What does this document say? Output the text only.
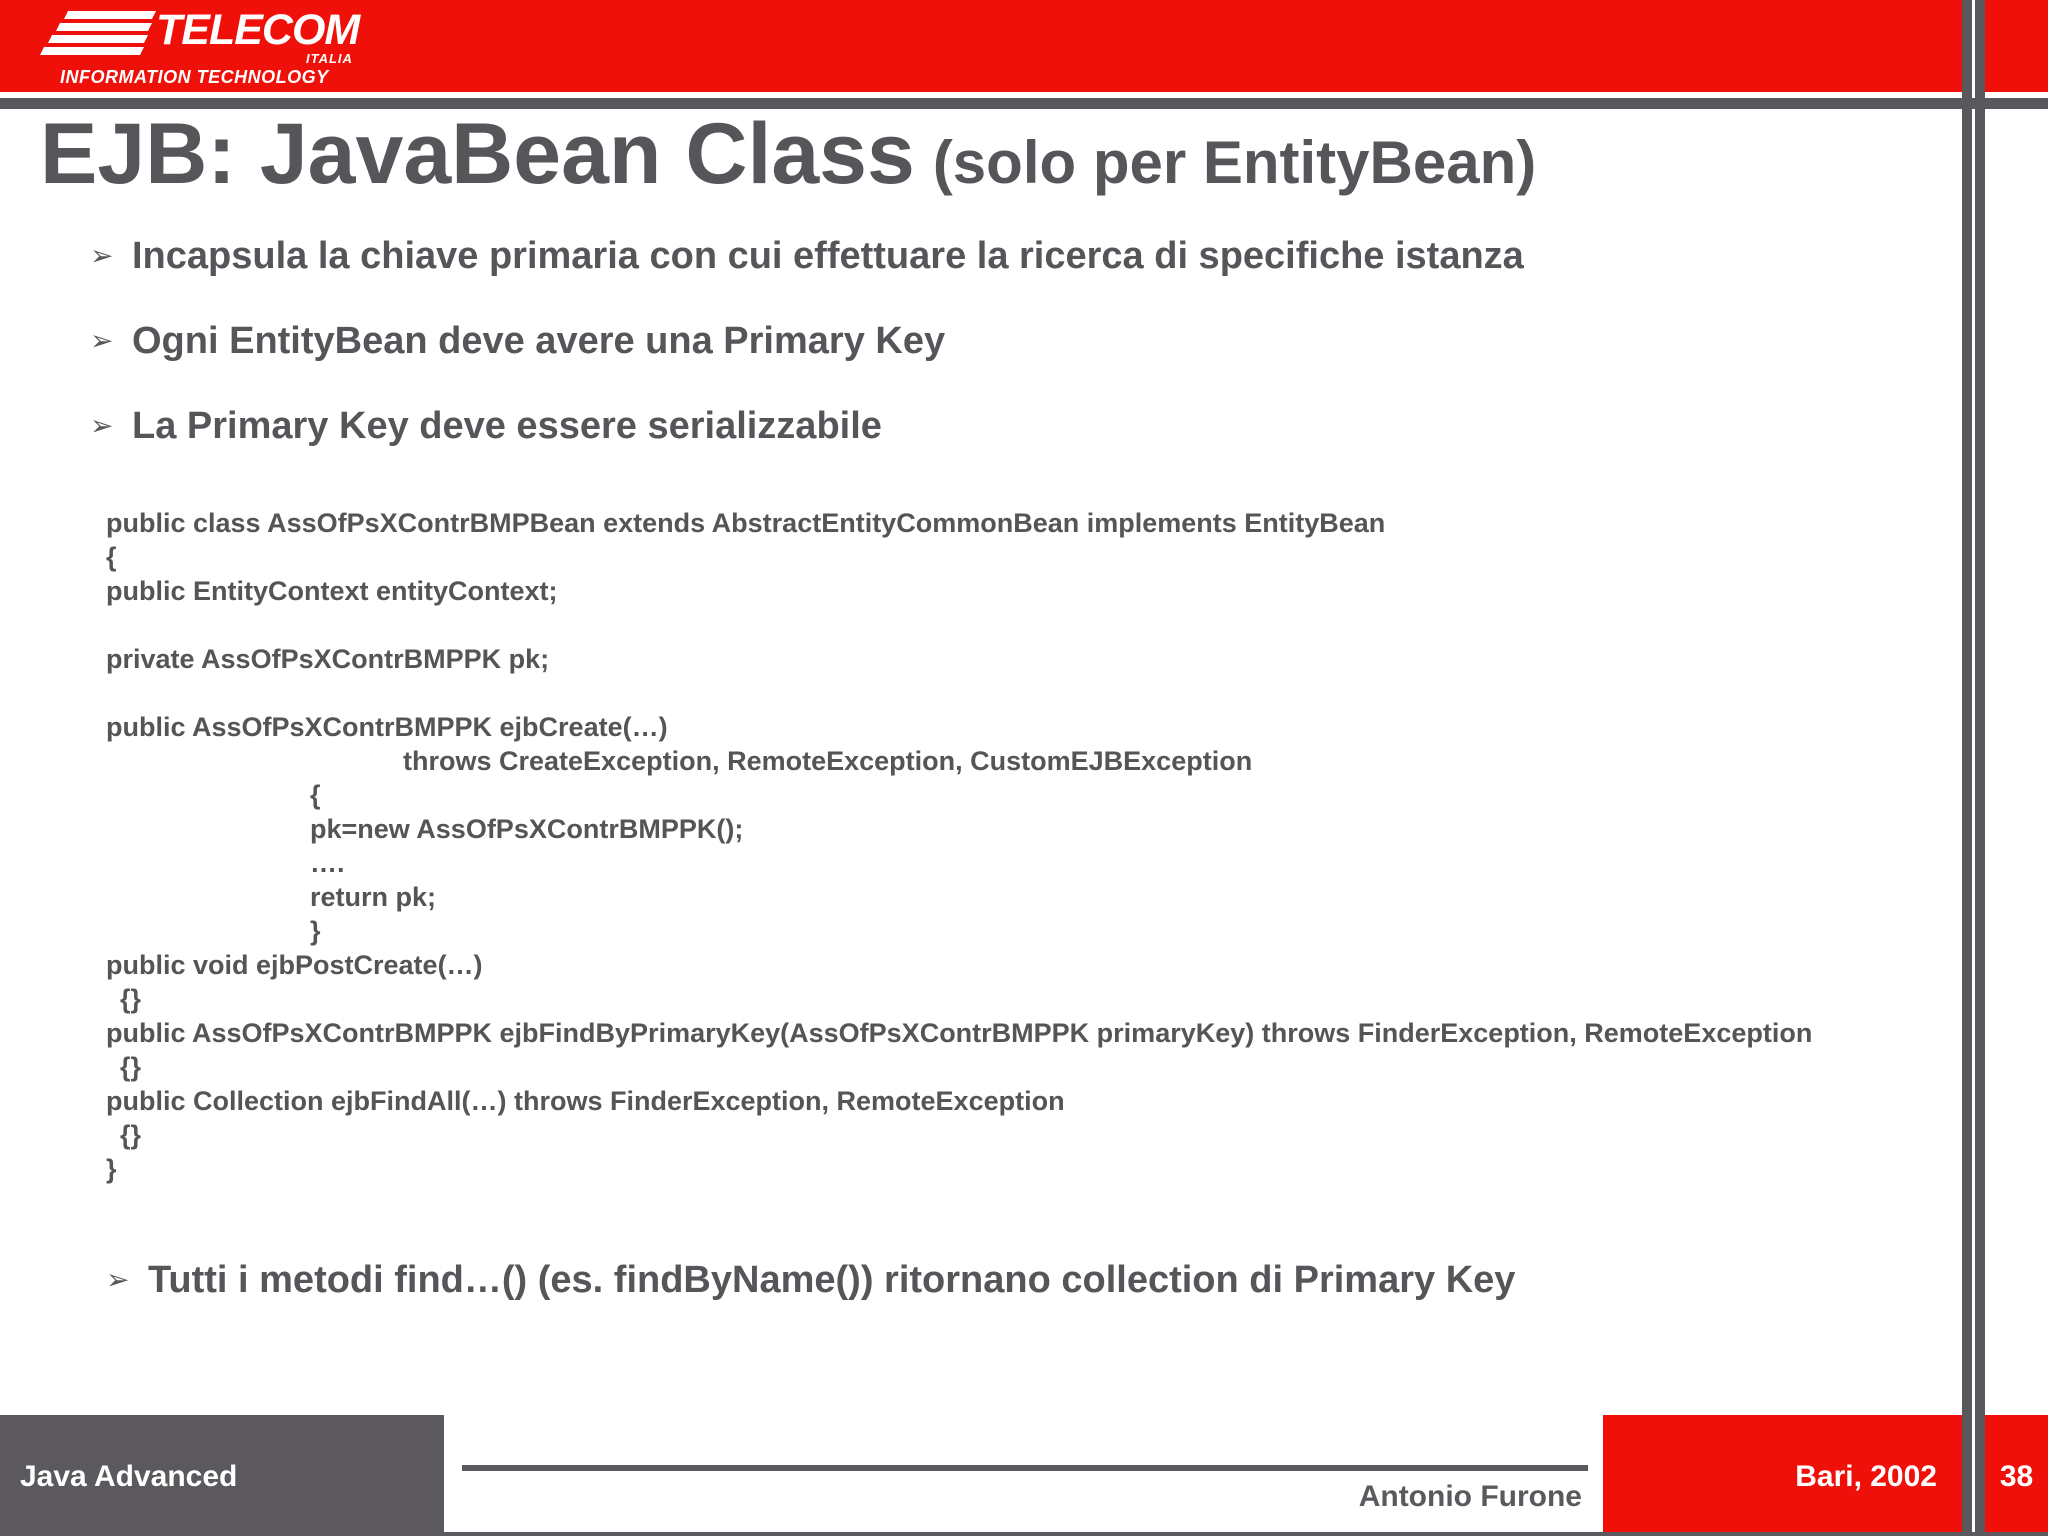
TELECOM
ITALIA
INFORMATION TECHNOLOGY
EJB: JavaBean Class (solo per EntityBean)
➢ Incapsula la chiave primaria con cui effettuare la ricerca di specifiche istanza
➢ Ogni EntityBean deve avere una Primary Key
➢ La Primary Key deve essere serializzabile
public class AssOfPsXContrBMPBean extends AbstractEntityCommonBean implements EntityBean
{
public EntityContext entityContext;
private AssOfPsXContrBMPPK pk;
public AssOfPsXContrBMPPK ejbCreate(…)
throws CreateException, RemoteException, CustomEJBException
{
pk=new AssOfPsXContrBMPPK();
….
return pk;
}
public void ejbPostCreate(…)
{}
public AssOfPsXContrBMPPK ejbFindByPrimaryKey(AssOfPsXContrBMPPK primaryKey) throws FinderException, RemoteException
{}
public Collection ejbFindAll(…) throws FinderException, RemoteException
{}
}
➢ Tutti i metodi find…() (es. findByName()) ritornano collection di Primary Key
Java Advanced
Antonio Furone
Bari, 2002	38
